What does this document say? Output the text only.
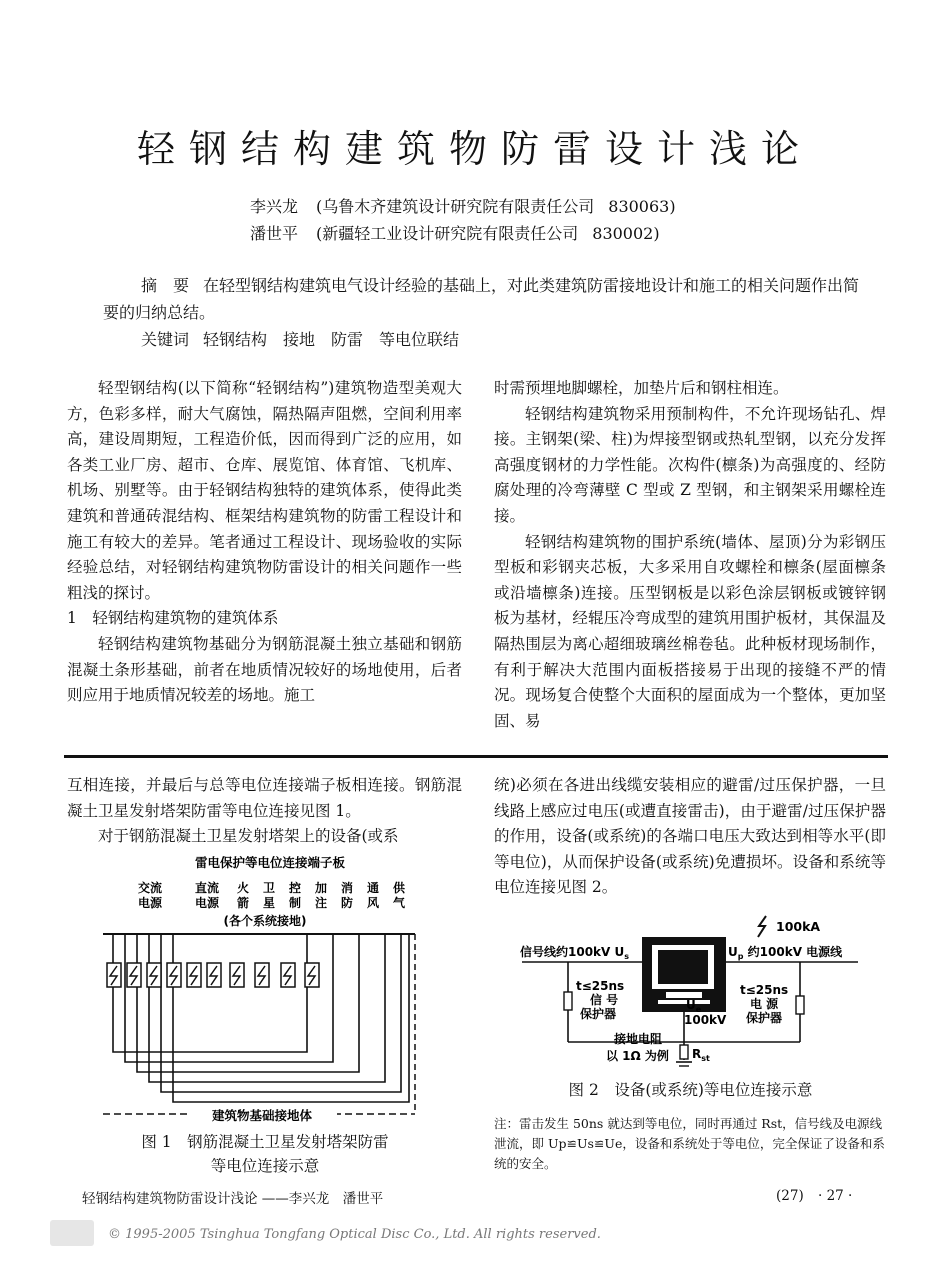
轻钢结构建筑物防雷设计浅论
李兴龙 (乌鲁木齐建筑设计研究院有限责任公司 830063)
潘世平 (新疆轻工业设计研究院有限责任公司 830002)
摘　要 在轻型钢结构建筑电气设计经验的基础上，对此类建筑防雷接地设计和施工的相关问题作出简要的归纳总结。
关键词 轻钢结构　接地　防雷　等电位联结

轻型钢结构(以下简称“轻钢结构”)建筑物造型美观大方，色彩多样，耐大气腐蚀，隔热隔声阻燃，空间利用率高，建设周期短，工程造价低，因而得到广泛的应用，如各类工业厂房、超市、仓库、展览馆、体育馆、飞机库、机场、别墅等。由于轻钢结构独特的建筑体系，使得此类建筑和普通砖混结构、框架结构建筑物的防雷工程设计和施工有较大的差异。笔者通过工程设计、现场验收的实际经验总结，对轻钢结构建筑物防雷设计的相关问题作一些粗浅的探讨。

1　轻钢结构建筑物的建筑体系

轻钢结构建筑物基础分为钢筋混凝土独立基础和钢筋混凝土条形基础，前者在地质情况较好的场地使用，后者则应用于地质情况较差的场地。施工

时需预埋地脚螺栓，加垫片后和钢柱相连。

轻钢结构建筑物采用预制构件，不允许现场钻孔、焊接。主钢架(梁、柱)为焊接型钢或热轧型钢，以充分发挥高强度钢材的力学性能。次构件(檩条)为高强度的、经防腐处理的冷弯薄壁 C 型或 Z 型钢，和主钢架采用螺栓连接。

轻钢结构建筑物的围护系统(墙体、屋顶)分为彩钢压型板和彩钢夹芯板，大多采用自攻螺栓和檩条(屋面檩条或沿墙檩条)连接。压型钢板是以彩色涂层钢板或镀锌钢板为基材，经辊压冷弯成型的建筑用围护板材，其保温及隔热围层为离心超细玻璃丝棉卷毡。此种板材现场制作，有利于解决大范围内面板搭接易于出现的接缝不严的情况。现场复合使整个大面积的屋面成为一个整体，更加坚固、易

互相连接，并最后与总等电位连接端子板相连接。钢筋混凝土卫星发射塔架防雷等电位连接见图 1。

对于钢筋混凝土卫星发射塔架上的设备(或系

统)必须在各进出线缆安装相应的避雷/过压保护器，一旦线路上感应过电压(或遭直接雷击)，由于避雷/过压保护器的作用，设备(或系统)的各端口电压大致达到相等水平(即等电位)，从而保护设备(或系统)免遭损坏。设备和系统等电位连接见图 2。

雷电保护等电位连接端子板
交流
电源
直流
电源
火
箭
卫
星
控
制
加
注
消
防
通
风
供
气
(各个系统接地)
建筑物基础接地体
图 1　钢筋混凝土卫星发射塔架防雷
等电位连接示意
100kA
信号线约100kV $U_s$	$U_p$ 约100kV 电源线
t≤25ns
信 号
保护器
t≤25ns
电 源
保护器
$U_e$
100kV
接地电阻
以 1Ω 为例 $R_{st}$
图 2　设备(或系统)等电位连接示意
注：雷击发生 50ns 就达到等电位，同时再通过 Rst，信号线及电源线泄流，即 Up≌Us≌Ue，设备和系统处于等电位，完全保证了设备和系统的安全。
轻钢结构建筑物防雷设计浅论 ——李兴龙　潘世平	(27) · 27 ·
© 1995-2005 Tsinghua Tongfang Optical Disc Co., Ltd. All rights reserved.
